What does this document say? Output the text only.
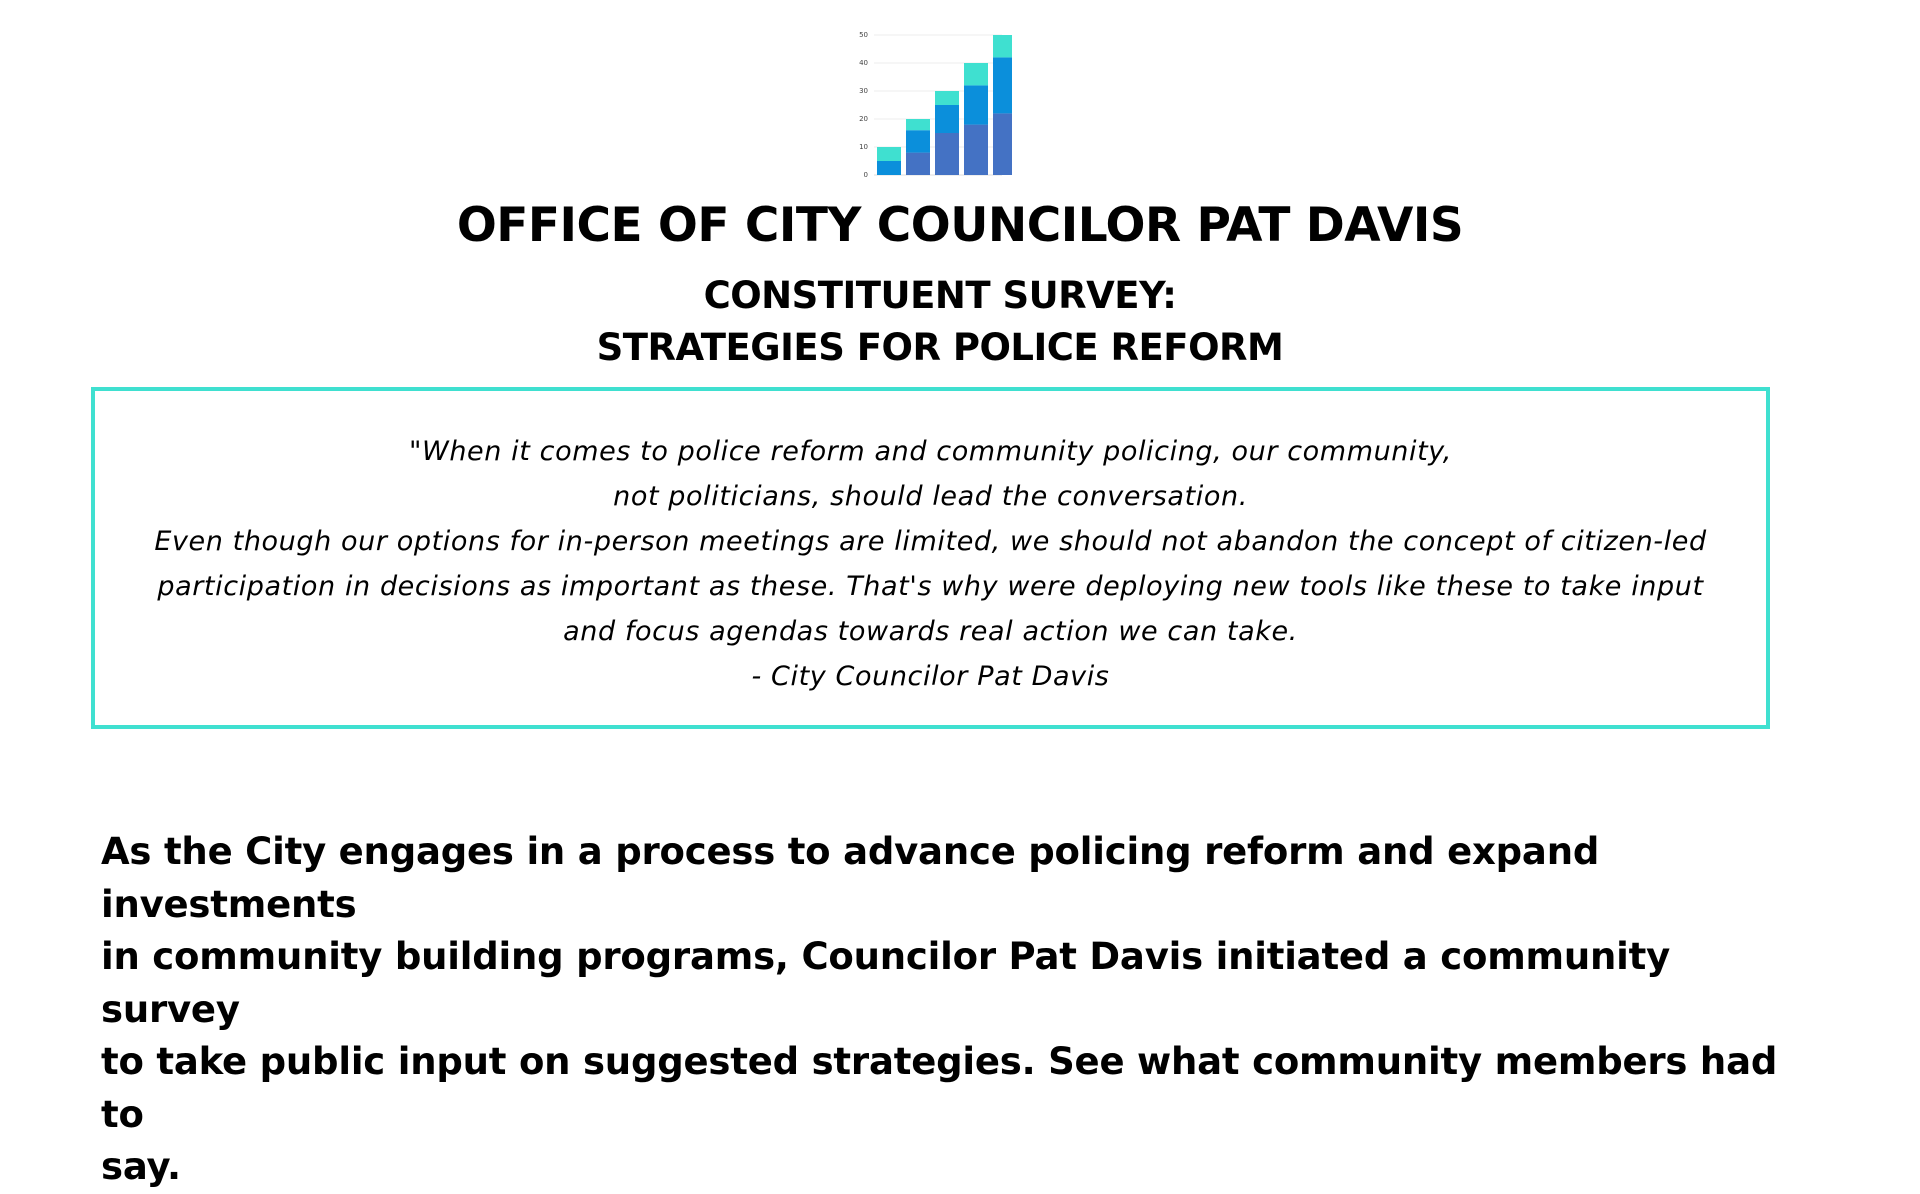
50
40
30
20
10
0
OFFICE OF CITY COUNCILOR PAT DAVIS
CONSTITUENT SURVEY:
STRATEGIES FOR POLICE REFORM
"When it comes to police reform and community policing, our community,
not politicians, should lead the conversation.
Even though our options for in-person meetings are limited, we should not abandon the concept of citizen-led
participation in decisions as important as these. That's why were deploying new tools like these to take input
and focus agendas towards real action we can take.
- City Councilor Pat Davis

As the City engages in a process to advance policing reform and expand investments
in community building programs, Councilor Pat Davis initiated a community survey
to take public input on suggested strategies. See what community members had to
say.
